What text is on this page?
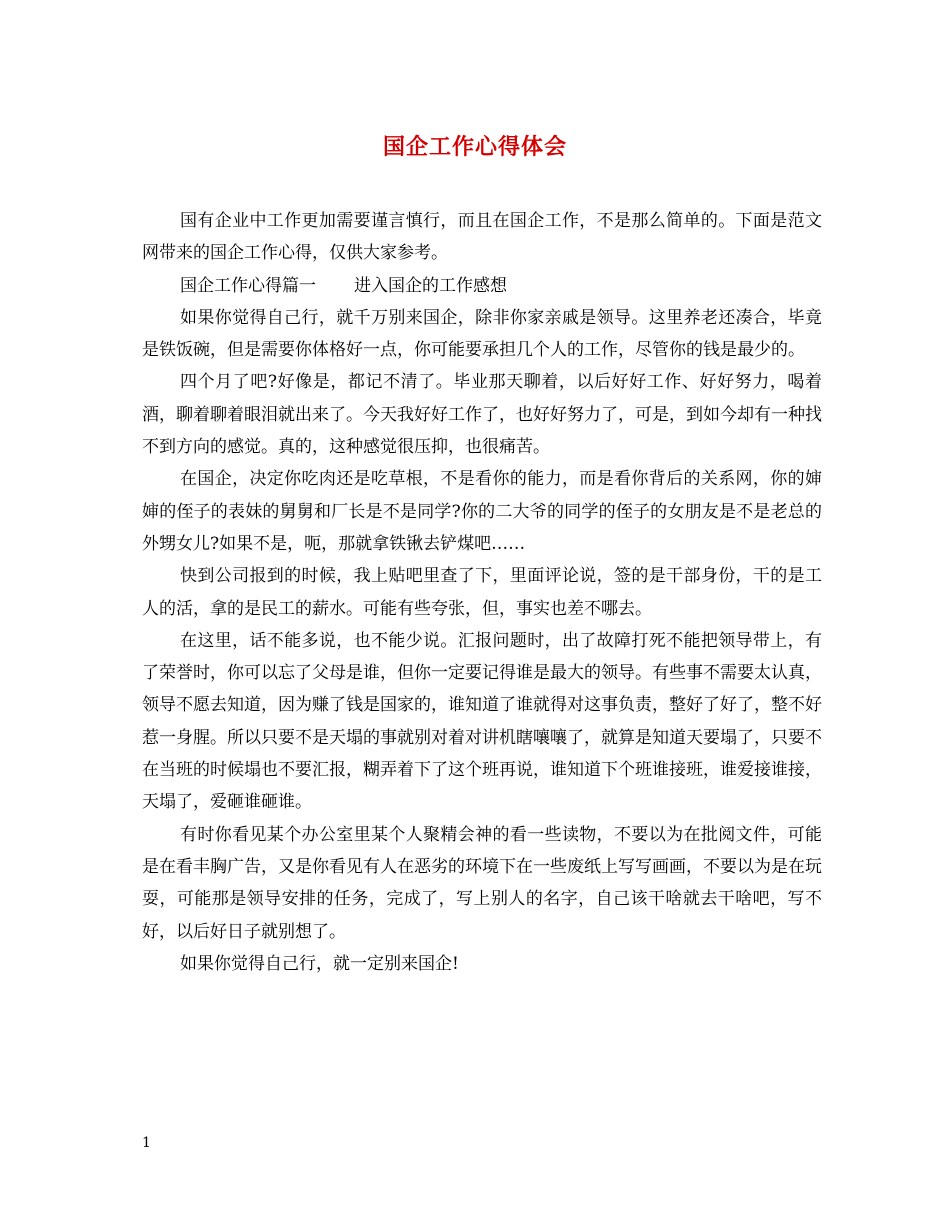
国企工作心得体会

国有企业中工作更加需要谨言慎行，而且在国企工作，不是那么简单的。下面是范文网带来的国企工作心得，仅供大家参考。

国企工作心得篇一 进入国企的工作感想

如果你觉得自己行，就千万别来国企，除非你家亲戚是领导。这里养老还凑合，毕竟是铁饭碗，但是需要你体格好一点，你可能要承担几个人的工作，尽管你的钱是最少的。

四个月了吧?好像是，都记不清了。毕业那天聊着，以后好好工作、好好努力，喝着酒，聊着聊着眼泪就出来了。今天我好好工作了，也好好努力了，可是，到如今却有一种找不到方向的感觉。真的，这种感觉很压抑，也很痛苦。

在国企，决定你吃肉还是吃草根，不是看你的能力，而是看你背后的关系网，你的婶婶的侄子的表妹的舅舅和厂长是不是同学?你的二大爷的同学的侄子的女朋友是不是老总的外甥女儿?如果不是，呃，那就拿铁锹去铲煤吧……

快到公司报到的时候，我上贴吧里查了下，里面评论说，签的是干部身份，干的是工人的活，拿的是民工的薪水。可能有些夸张，但，事实也差不哪去。

在这里，话不能多说，也不能少说。汇报问题时，出了故障打死不能把领导带上，有了荣誉时，你可以忘了父母是谁，但你一定要记得谁是最大的领导。有些事不需要太认真，领导不愿去知道，因为赚了钱是国家的，谁知道了谁就得对这事负责，整好了好了，整不好惹一身腥。所以只要不是天塌的事就别对着对讲机瞎嚷嚷了，就算是知道天要塌了，只要不在当班的时候塌也不要汇报，糊弄着下了这个班再说，谁知道下个班谁接班，谁爱接谁接，天塌了，爱砸谁砸谁。

有时你看见某个办公室里某个人聚精会神的看一些读物，不要以为在批阅文件，可能是在看丰胸广告，又是你看见有人在恶劣的环境下在一些废纸上写写画画，不要以为是在玩耍，可能那是领导安排的任务，完成了，写上别人的名字，自己该干啥就去干啥吧，写不好，以后好日子就别想了。

如果你觉得自己行，就一定别来国企!

1
